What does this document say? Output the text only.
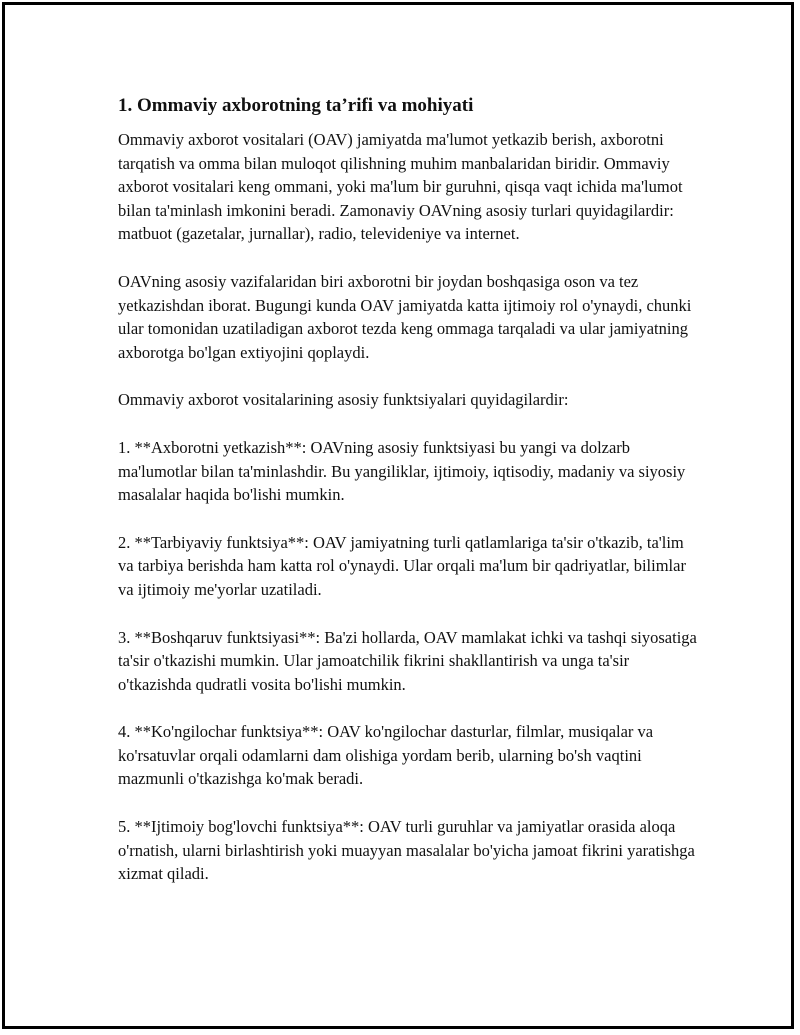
1. Ommaviy axborotning ta’rifi va mohiyati

Ommaviy axborot vositalari (OAV) jamiyatda ma'lumot yetkazib berish, axborotni tarqatish va omma bilan muloqot qilishning muhim manbalaridan biridir. Ommaviy axborot vositalari keng ommani, yoki ma'lum bir guruhni, qisqa vaqt ichida ma'lumot bilan ta'minlash imkonini beradi. Zamonaviy OAVning asosiy turlari quyidagilardir: matbuot (gazetalar, jurnallar), radio, televideniye va internet.

OAVning asosiy vazifalaridan biri axborotni bir joydan boshqasiga oson va tez yetkazishdan iborat. Bugungi kunda OAV jamiyatda katta ijtimoiy rol o'ynaydi, chunki ular tomonidan uzatiladigan axborot tezda keng ommaga tarqaladi va ular jamiyatning axborotga bo'lgan extiyojini qoplaydi.

Ommaviy axborot vositalarining asosiy funktsiyalari quyidagilardir:

1. **Axborotni yetkazish**: OAVning asosiy funktsiyasi bu yangi va dolzarb ma'lumotlar bilan ta'minlashdir. Bu yangiliklar, ijtimoiy, iqtisodiy, madaniy va siyosiy masalalar haqida bo'lishi mumkin.

2. **Tarbiyaviy funktsiya**: OAV jamiyatning turli qatlamlariga ta'sir o'tkazib, ta'lim va tarbiya berishda ham katta rol o'ynaydi. Ular orqali ma'lum bir qadriyatlar, bilimlar va ijtimoiy me'yorlar uzatiladi.

3. **Boshqaruv funktsiyasi**: Ba'zi hollarda, OAV mamlakat ichki va tashqi siyosatiga ta'sir o'tkazishi mumkin. Ular jamoatchilik fikrini shakllantirish va unga ta'sir o'tkazishda qudratli vosita bo'lishi mumkin.

4. **Ko'ngilochar funktsiya**: OAV ko'ngilochar dasturlar, filmlar, musiqalar va ko'rsatuvlar orqali odamlarni dam olishiga yordam berib, ularning bo'sh vaqtini mazmunli o'tkazishga ko'mak beradi.

5. **Ijtimoiy bog'lovchi funktsiya**: OAV turli guruhlar va jamiyatlar orasida aloqa o'rnatish, ularni birlashtirish yoki muayyan masalalar bo'yicha jamoat fikrini yaratishga xizmat qiladi.
